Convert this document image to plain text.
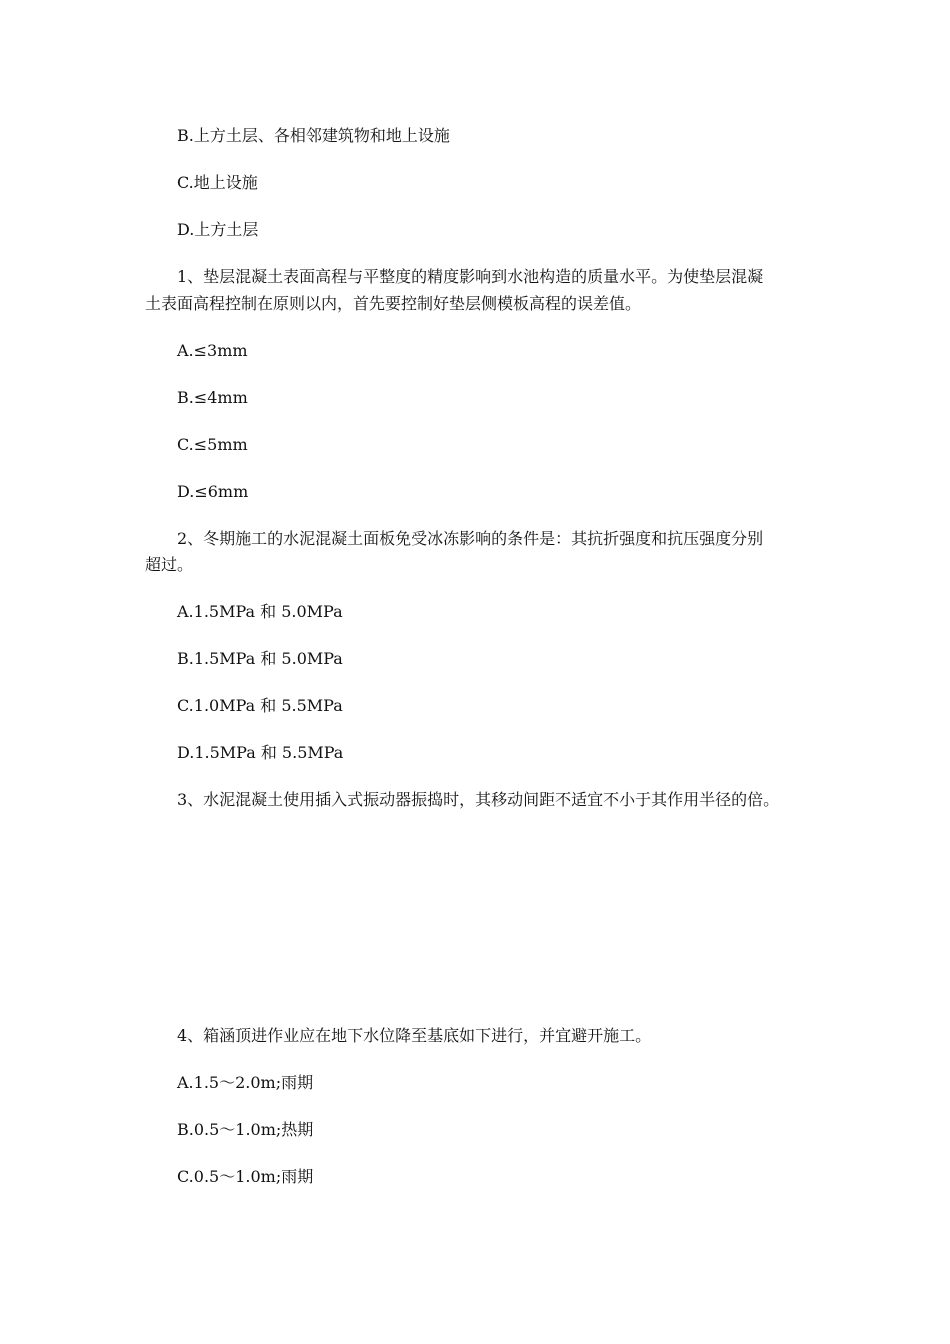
B.上方土层、各相邻建筑物和地上设施
C.地上设施
D.上方土层
1、垫层混凝土表面高程与平整度的精度影响到水池构造的质量水平。为使垫层混凝
土表面高程控制在原则以内，首先要控制好垫层侧模板高程的误差值。
A.≤3mm
B.≤4mm
C.≤5mm
D.≤6mm
2、冬期施工的水泥混凝土面板免受冰冻影响的条件是：其抗折强度和抗压强度分别
超过。
A.1.5MPa 和 5.0MPa
B.1.5MPa 和 5.0MPa
C.1.0MPa 和 5.5MPa
D.1.5MPa 和 5.5MPa
3、水泥混凝土使用插入式振动器振捣时，其移动间距不适宜不小于其作用半径的倍。
4、箱涵顶进作业应在地下水位降至基底如下进行，并宜避开施工。
A.1.5～2.0m;雨期
B.0.5～1.0m;热期
C.0.5～1.0m;雨期
